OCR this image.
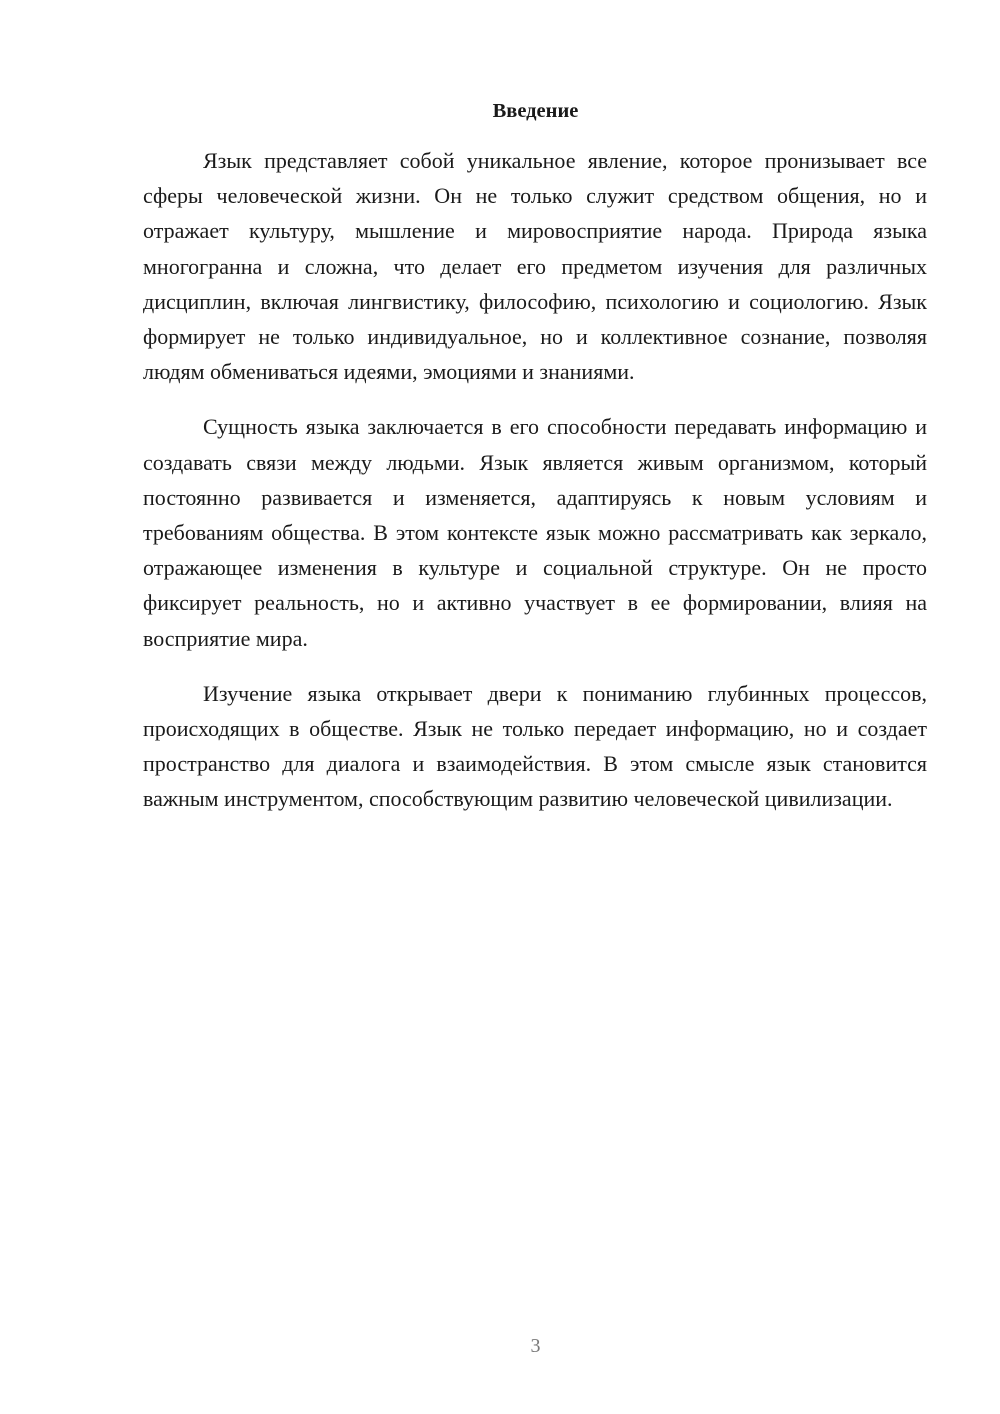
Введение

Язык представляет собой уникальное явление, которое пронизывает все сферы человеческой жизни. Он не только служит средством общения, но и отражает культуру, мышление и мировосприятие народа. Природа языка многогранна и сложна, что делает его предметом изучения для различных дисциплин, включая лингвистику, философию, психологию и социологию. Язык формирует не только индивидуальное, но и коллективное сознание, позволяя людям обмениваться идеями, эмоциями и знаниями.

Сущность языка заключается в его способности передавать информацию и создавать связи между людьми. Язык является живым организмом, который постоянно развивается и изменяется, адаптируясь к новым условиям и требованиям общества. В этом контексте язык можно рассматривать как зеркало, отражающее изменения в культуре и социальной структуре. Он не просто фиксирует реальность, но и активно участвует в ее формировании, влияя на восприятие мира.

Изучение языка открывает двери к пониманию глубинных процессов, происходящих в обществе. Язык не только передает информацию, но и создает пространство для диалога и взаимодействия. В этом смысле язык становится важным инструментом, способствующим развитию человеческой цивилизации.

3
